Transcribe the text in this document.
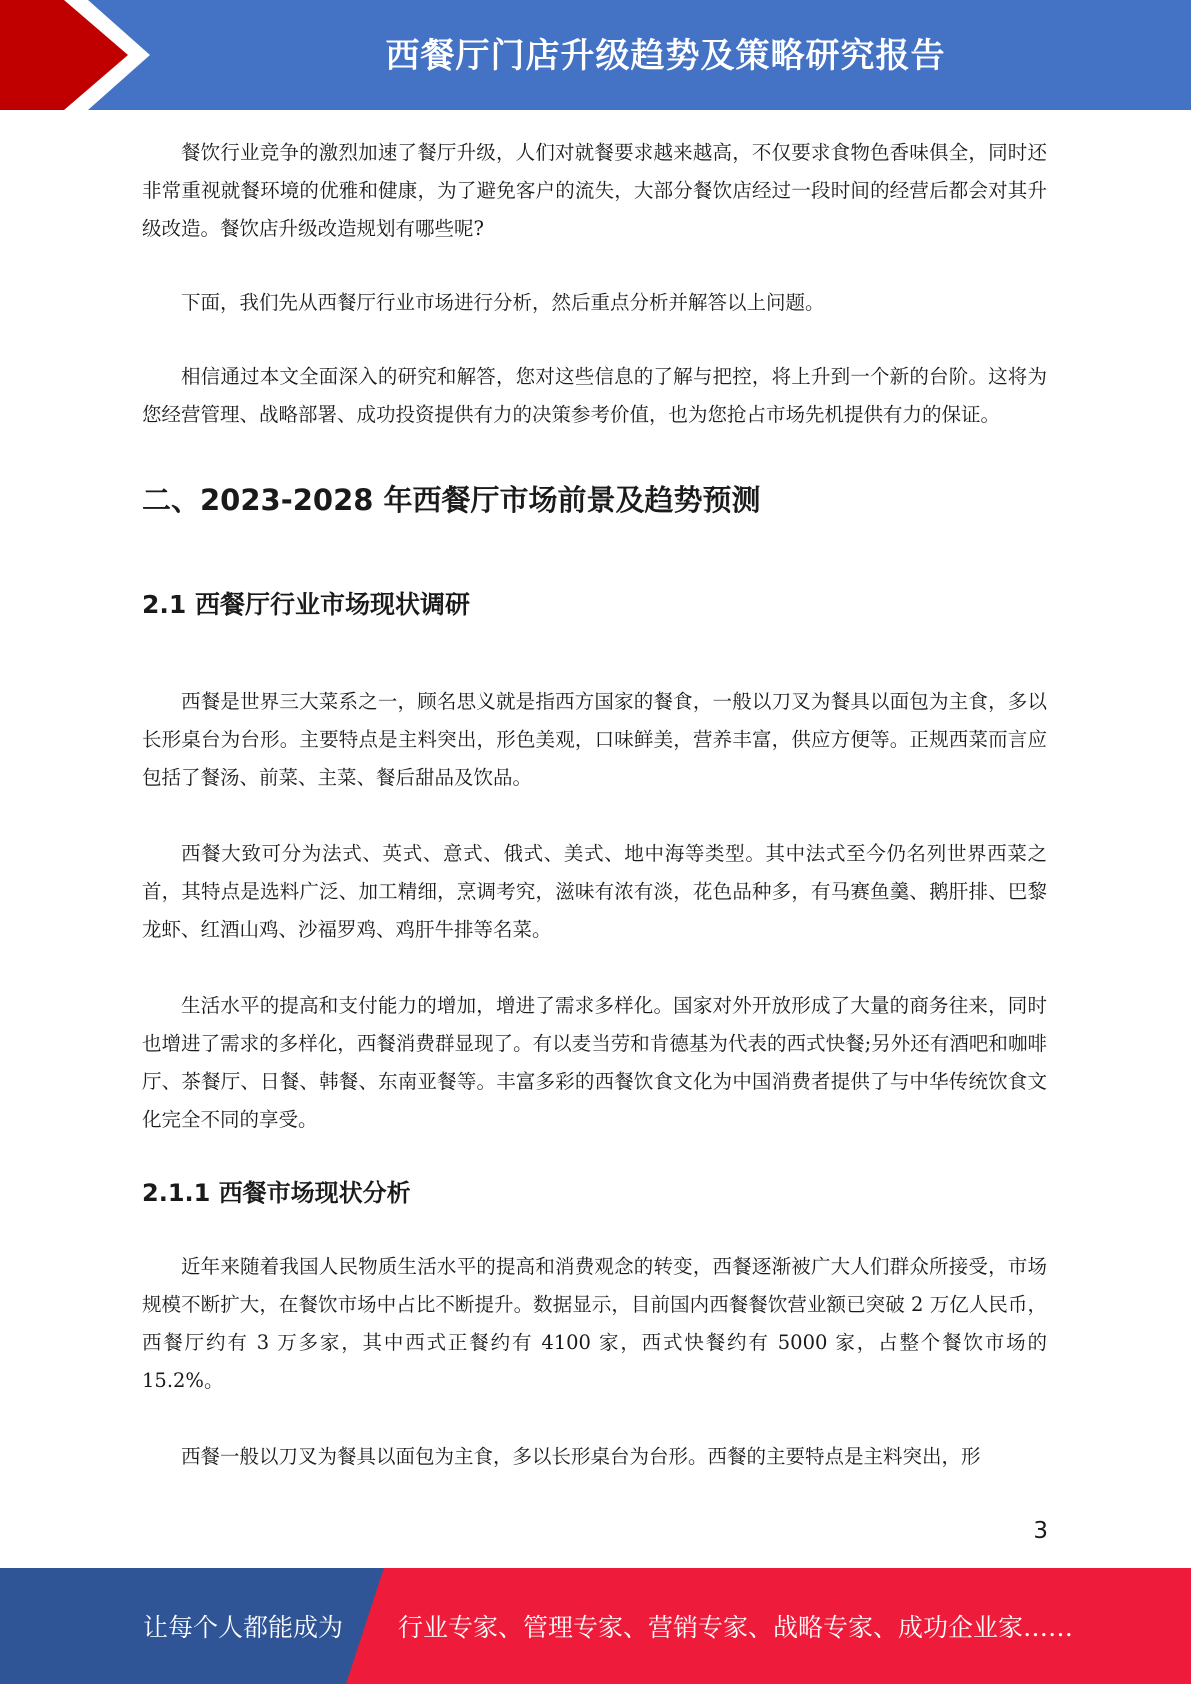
西餐厅门店升级趋势及策略研究报告

餐饮行业竞争的激烈加速了餐厅升级，人们对就餐要求越来越高，不仅要求食物色香味俱全，同时还非常重视就餐环境的优雅和健康，为了避免客户的流失，大部分餐饮店经过一段时间的经营后都会对其升级改造。餐饮店升级改造规划有哪些呢?

下面，我们先从西餐厅行业市场进行分析，然后重点分析并解答以上问题。

相信通过本文全面深入的研究和解答，您对这些信息的了解与把控，将上升到一个新的台阶。这将为您经营管理、战略部署、成功投资提供有力的决策参考价值，也为您抢占市场先机提供有力的保证。

二、2023-2028 年西餐厅市场前景及趋势预测
2.1 西餐厅行业市场现状调研

西餐是世界三大菜系之一，顾名思义就是指西方国家的餐食，一般以刀叉为餐具以面包为主食，多以长形桌台为台形。主要特点是主料突出，形色美观，口味鲜美，营养丰富，供应方便等。正规西菜而言应包括了餐汤、前菜、主菜、餐后甜品及饮品。

西餐大致可分为法式、英式、意式、俄式、美式、地中海等类型。其中法式至今仍名列世界西菜之首，其特点是选料广泛、加工精细，烹调考究，滋味有浓有淡，花色品种多，有马赛鱼羹、鹅肝排、巴黎龙虾、红酒山鸡、沙福罗鸡、鸡肝牛排等名菜。

生活水平的提高和支付能力的增加，增进了需求多样化。国家对外开放形成了大量的商务往来，同时也增进了需求的多样化，西餐消费群显现了。有以麦当劳和肯德基为代表的西式快餐;另外还有酒吧和咖啡厅、茶餐厅、日餐、韩餐、东南亚餐等。丰富多彩的西餐饮食文化为中国消费者提供了与中华传统饮食文化完全不同的享受。

2.1.1 西餐市场现状分析

近年来随着我国人民物质生活水平的提高和消费观念的转变，西餐逐渐被广大人们群众所接受，市场规模不断扩大，在餐饮市场中占比不断提升。数据显示，目前国内西餐餐饮营业额已突破 2 万亿人民币，西餐厅约有 3 万多家，其中西式正餐约有 4100 家，西式快餐约有 5000 家，占整个餐饮市场的 15.2%。

西餐一般以刀叉为餐具以面包为主食，多以长形桌台为台形。西餐的主要特点是主料突出，形

3
让每个人都能成为 行业专家、管理专家、营销专家、战略专家、成功企业家……
